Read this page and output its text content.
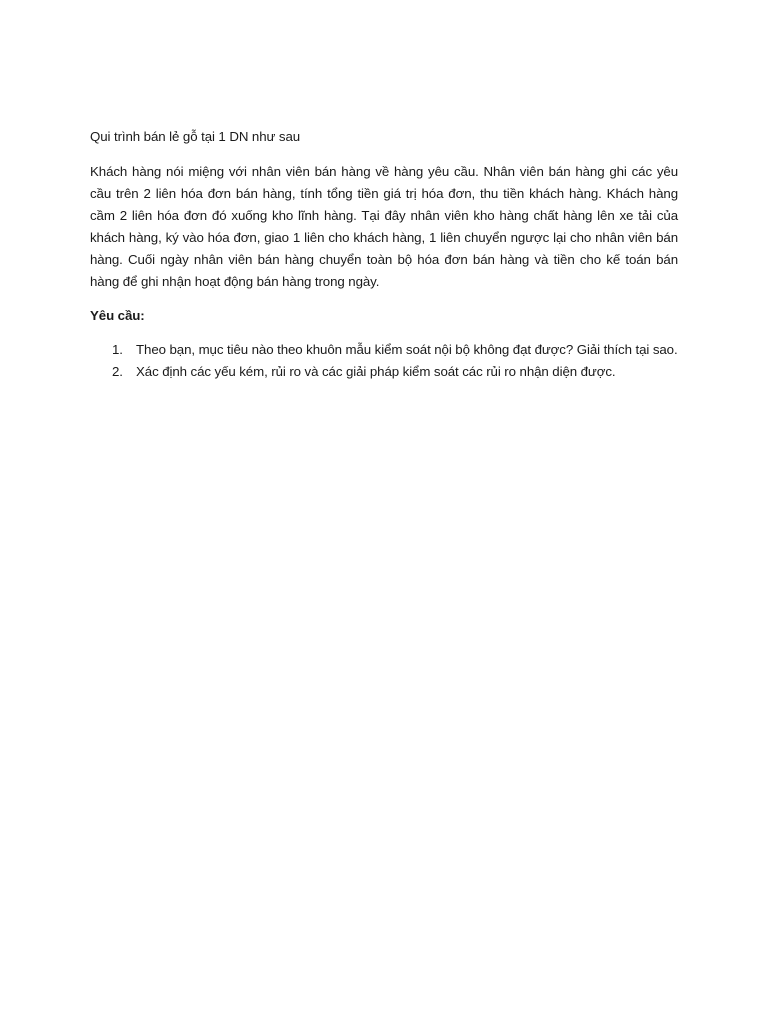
Qui trình bán lẻ gỗ tại 1 DN như sau

Khách hàng nói miệng với nhân viên bán hàng về hàng yêu cầu. Nhân viên bán hàng ghi các yêu cầu trên 2 liên hóa đơn bán hàng, tính tổng tiền giá trị hóa đơn, thu tiền khách hàng. Khách hàng cầm 2 liên hóa đơn đó xuống kho lĩnh hàng. Tại đây nhân viên kho hàng chất hàng lên xe tải của khách hàng, ký vào hóa đơn, giao 1 liên cho khách hàng, 1 liên chuyển ngược lại cho nhân viên bán hàng. Cuối ngày nhân viên bán hàng chuyển toàn bộ hóa đơn bán hàng và tiền cho kế toán bán hàng để ghi nhận hoạt động bán hàng trong ngày.

Yêu cầu:

1. Theo bạn, mục tiêu nào theo khuôn mẫu kiểm soát nội bộ không đạt được? Giải thích tại sao.
2. Xác định các yếu kém, rủi ro và các giải pháp kiểm soát các rủi ro nhận diện được.
